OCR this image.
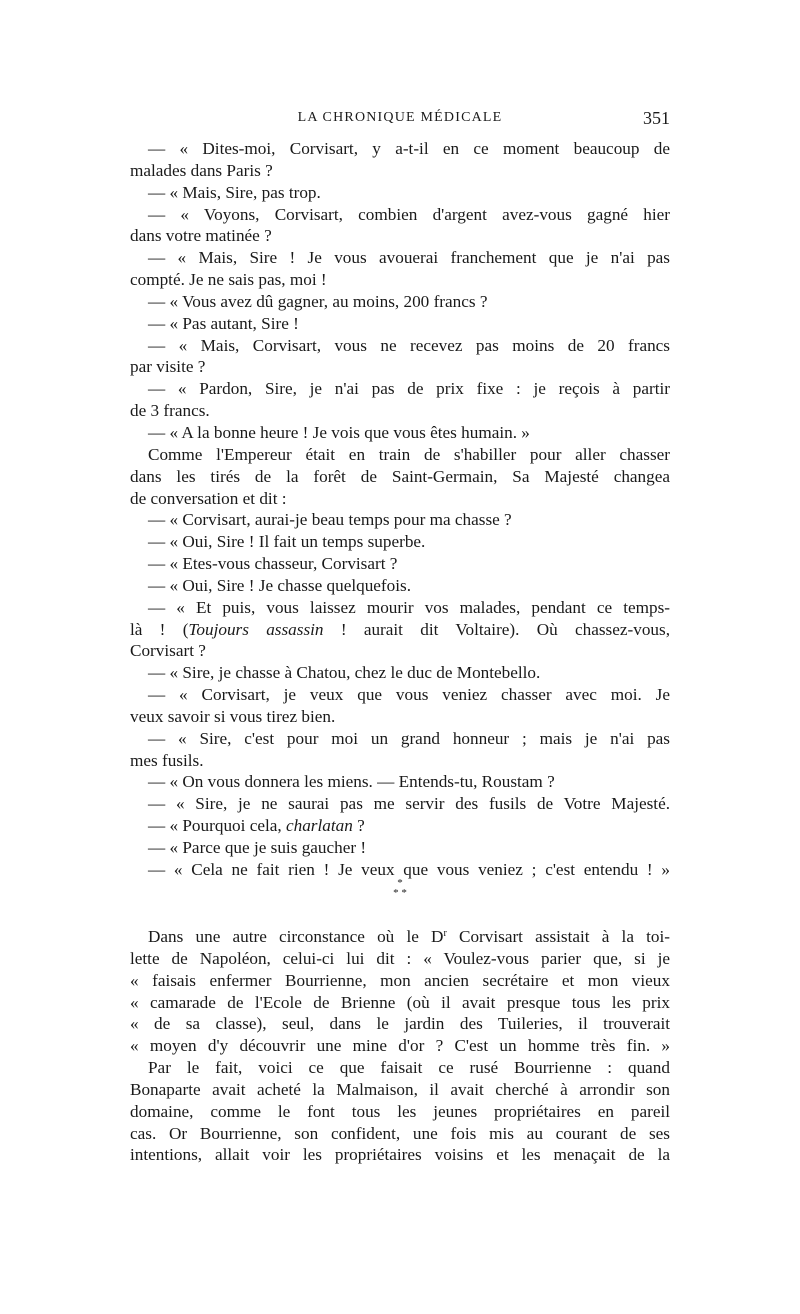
LA CHRONIQUE MÉDICALE	351
— « Dites-moi, Corvisart, y a-t-il en ce moment beaucoup de
malades dans Paris ?
— « Mais, Sire, pas trop.
— « Voyons, Corvisart, combien d'argent avez-vous gagné hier
dans votre matinée ?
— « Mais, Sire ! Je vous avouerai franchement que je n'ai pas
compté. Je ne sais pas, moi !
— « Vous avez dû gagner, au moins, 200 francs ?
— « Pas autant, Sire !
— « Mais, Corvisart, vous ne recevez pas moins de 20 francs
par visite ?
— « Pardon, Sire, je n'ai pas de prix fixe : je reçois à partir
de 3 francs.
— « A la bonne heure ! Je vois que vous êtes humain. »
Comme l'Empereur était en train de s'habiller pour aller chasser
dans les tirés de la forêt de Saint-Germain, Sa Majesté changea
de conversation et dit :
— « Corvisart, aurai-je beau temps pour ma chasse ?
— « Oui, Sire ! Il fait un temps superbe.
— « Etes-vous chasseur, Corvisart ?
— « Oui, Sire ! Je chasse quelquefois.
— « Et puis, vous laissez mourir vos malades, pendant ce temps-
là ! (Toujours assassin ! aurait dit Voltaire). Où chassez-vous,
Corvisart ?
— « Sire, je chasse à Chatou, chez le duc de Montebello.
— « Corvisart, je veux que vous veniez chasser avec moi. Je
veux savoir si vous tirez bien.
— « Sire, c'est pour moi un grand honneur ; mais je n'ai pas
mes fusils.
— « On vous donnera les miens. — Entends-tu, Roustam ?
— « Sire, je ne saurai pas me servir des fusils de Votre Majesté.
— « Pourquoi cela, charlatan ?
— « Parce que je suis gaucher !
— « Cela ne fait rien ! Je veux que vous veniez ; c'est entendu ! »
*
* *
Dans une autre circonstance où le $D^r$ Corvisart assistait à la toi-
lette de Napoléon, celui-ci lui dit : « Voulez-vous parier que, si je
« faisais enfermer Bourrienne, mon ancien secrétaire et mon vieux
« camarade de l'Ecole de Brienne (où il avait presque tous les prix
« de sa classe), seul, dans le jardin des Tuileries, il trouverait
« moyen d'y découvrir une mine d'or ? C'est un homme très fin. »
Par le fait, voici ce que faisait ce rusé Bourrienne : quand
Bonaparte avait acheté la Malmaison, il avait cherché à arrondir son
domaine, comme le font tous les jeunes propriétaires en pareil
cas. Or Bourrienne, son confident, une fois mis au courant de ses
intentions, allait voir les propriétaires voisins et les menaçait de la
